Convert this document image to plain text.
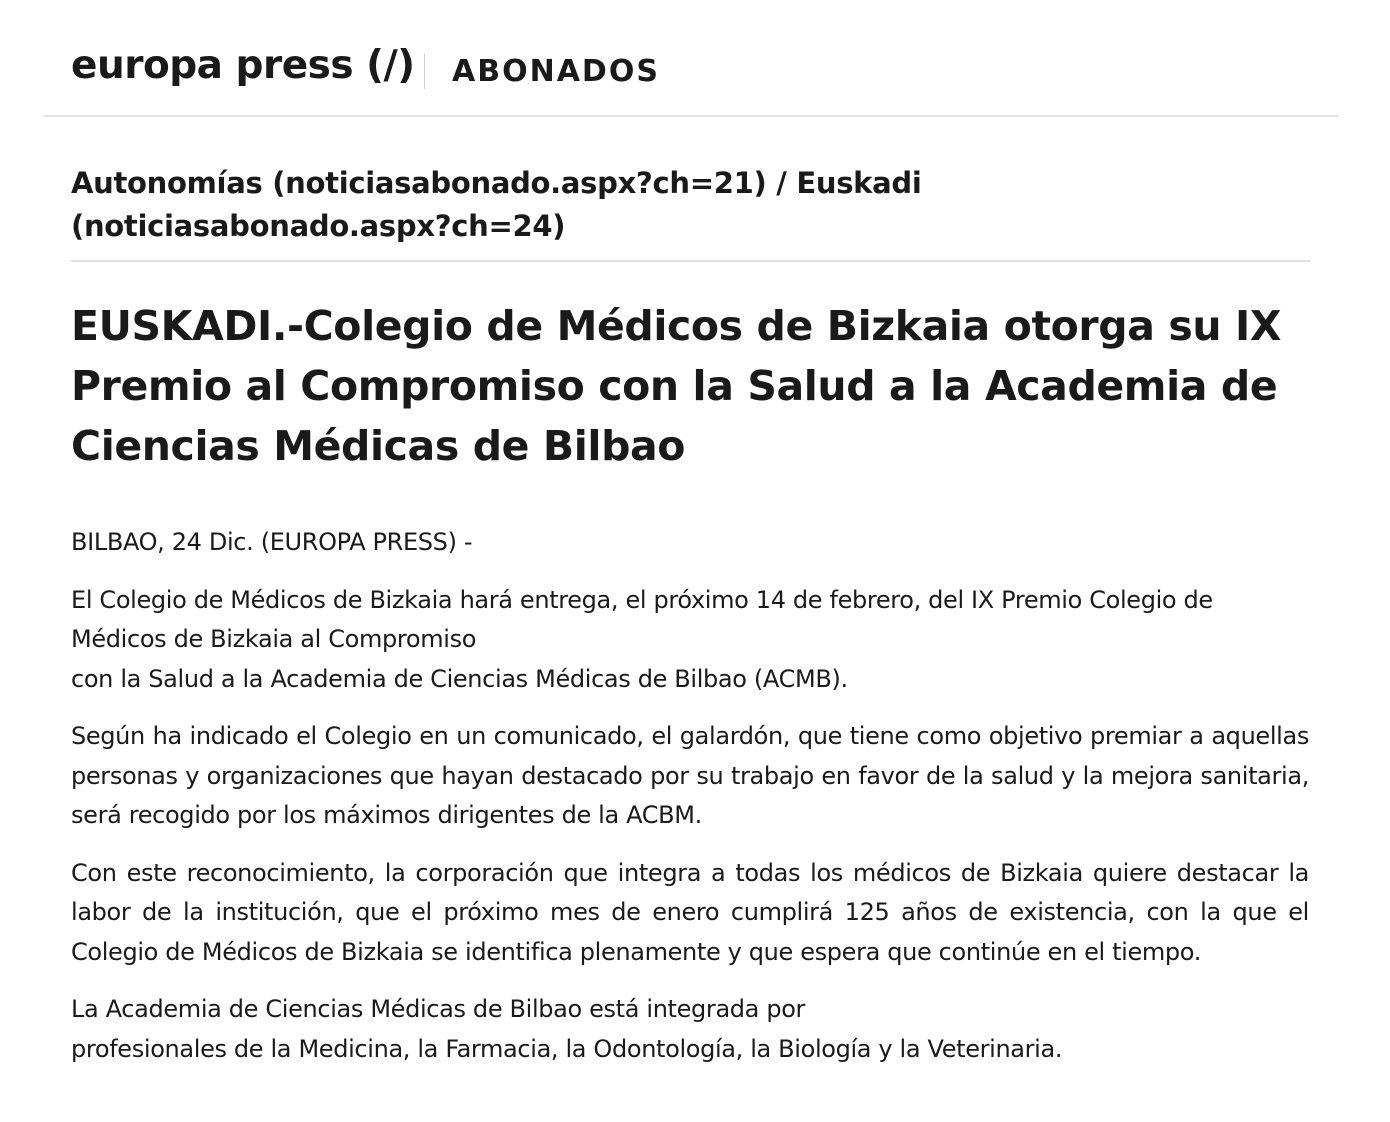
europa press (/) ABONADOS
Autonomías (noticiasabonado.aspx?ch=21) / Euskadi (noticiasabonado.aspx?ch=24)
EUSKADI.-Colegio de Médicos de Bizkaia otorga su IX Premio al Compromiso con la Salud a la Academia de Ciencias Médicas de Bilbao

BILBAO, 24 Dic. (EUROPA PRESS) -

El Colegio de Médicos de Bizkaia hará entrega, el próximo 14 de febrero, del IX Premio Colegio de Médicos de Bizkaia al Compromiso
con la Salud a la Academia de Ciencias Médicas de Bilbao (ACMB).

Según ha indicado el Colegio en un comunicado, el galardón, que tiene como objetivo premiar a aquellas personas y organizaciones que hayan destacado por su trabajo en favor de la salud y la mejora sanitaria, será recogido por los máximos dirigentes de la ACBM.

Con este reconocimiento, la corporación que integra a todas los médicos de Bizkaia quiere destacar la labor de la institución, que el próximo mes de enero cumplirá 125 años de existencia, con la que el Colegio de Médicos de Bizkaia se identifica plenamente y que espera que continúe en el tiempo.

La Academia de Ciencias Médicas de Bilbao está integrada por
profesionales de la Medicina, la Farmacia, la Odontología, la Biología y la Veterinaria.
